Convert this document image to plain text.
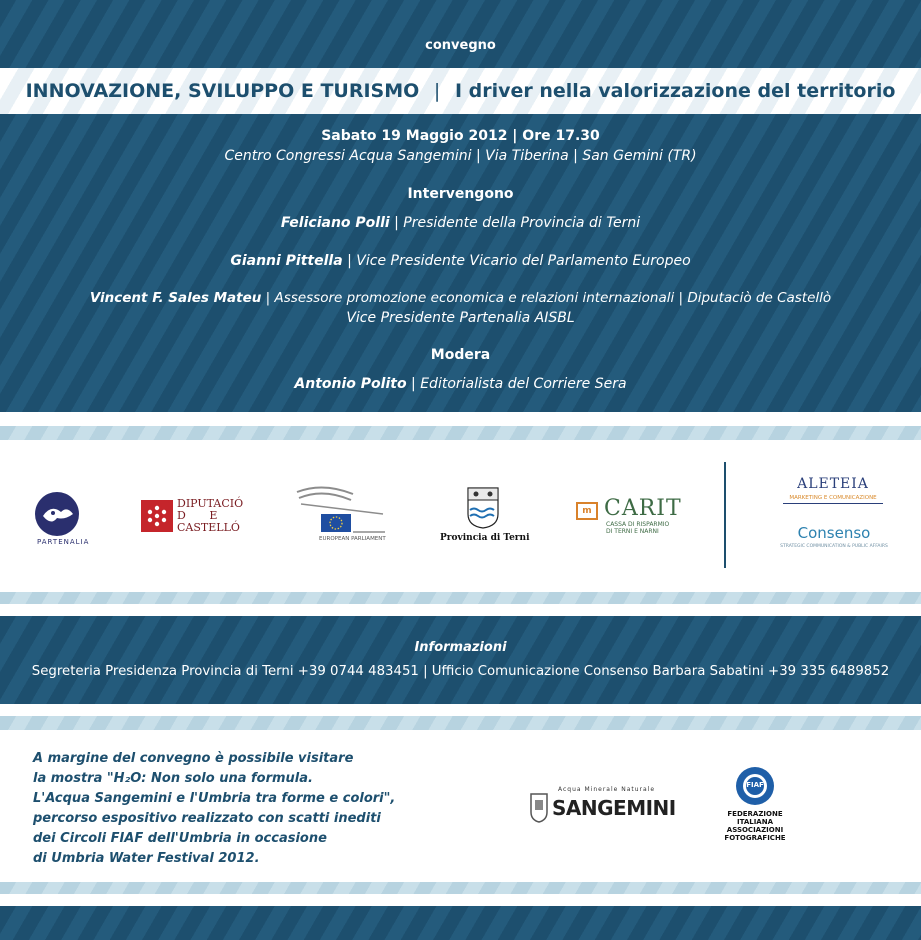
convegno
INNOVAZIONE, SVILUPPO E TURISMO | I driver nella valorizzazione del territorio
Sabato 19 Maggio 2012 | Ore 17.30
Centro Congressi Acqua Sangemini | Via Tiberina | San Gemini (TR)
Intervengono
Feliciano Polli | Presidente della Provincia di Terni
Gianni Pittella | Vice Presidente Vicario del Parlamento Europeo
Vincent F. Sales Mateu | Assessore promozione economica e relazioni internazionali | Diputaciò de Castellò
Vice Presidente Partenalia AISBL
Modera
Antonio Polito | Editorialista del Corriere Sera
PARTENALIA
DIPUTACIÓ
D E
CASTELLÓ
EUROPEAN PARLIAMENT	Provincia di Terni
m CARIT
CASSA DI RISPARMIO
DI TERNI E NARNI
ALETEIA
MARKETING E COMUNICAZIONE
Consenso
STRATEGIC COMMUNICATION & PUBLIC AFFAIRS
Informazioni
Segreteria Presidenza Provincia di Terni +39 0744 483451 | Ufficio Comunicazione Consenso Barbara Sabatini +39 335 6489852
A margine del convegno è possibile visitare
la mostra "H₂O: Non solo una formula.
L'Acqua Sangemini e l'Umbria tra forme e colori",
percorso espositivo realizzato con scatti inediti
dei Circoli FIAF dell'Umbria in occasione
di Umbria Water Festival 2012.
Acqua Minerale Naturale
SANGEMINI
FIAF
FEDERAZIONE
ITALIANA
ASSOCIAZIONI
FOTOGRAFICHE
